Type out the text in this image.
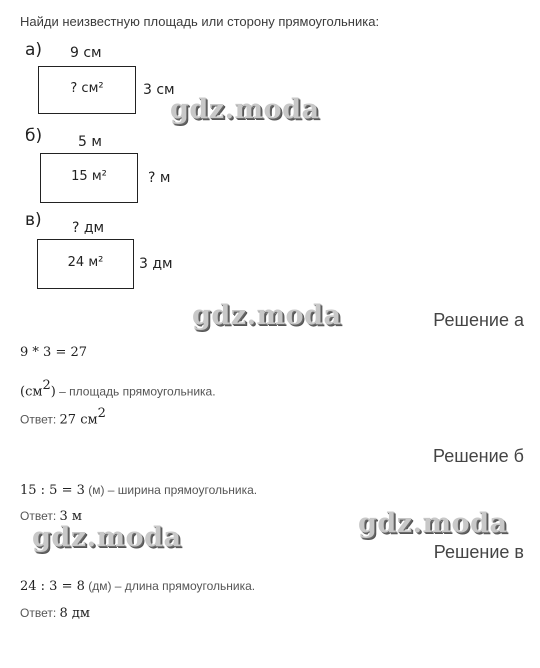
Найди неизвестную площадь или сторону прямоугольника:
а) 9 см
? см²	3 см
gdz.moda
б)	5 м
15 м²	? м
в) ? дм
24 м²	3 дм
gdz.moda	Решение а
9 * 3 = 27
$(см^2)$ – площадь прямоугольника.
Ответ: 27 $см^2$
Решение б
15 : 5 = 3 (м) – ширина прямоугольника.
Ответ: 3 м	gdz.moda
gdz.moda	Решение в
24 : 3 = 8 (дм) – длина прямоугольника.
Ответ: 8 дм
